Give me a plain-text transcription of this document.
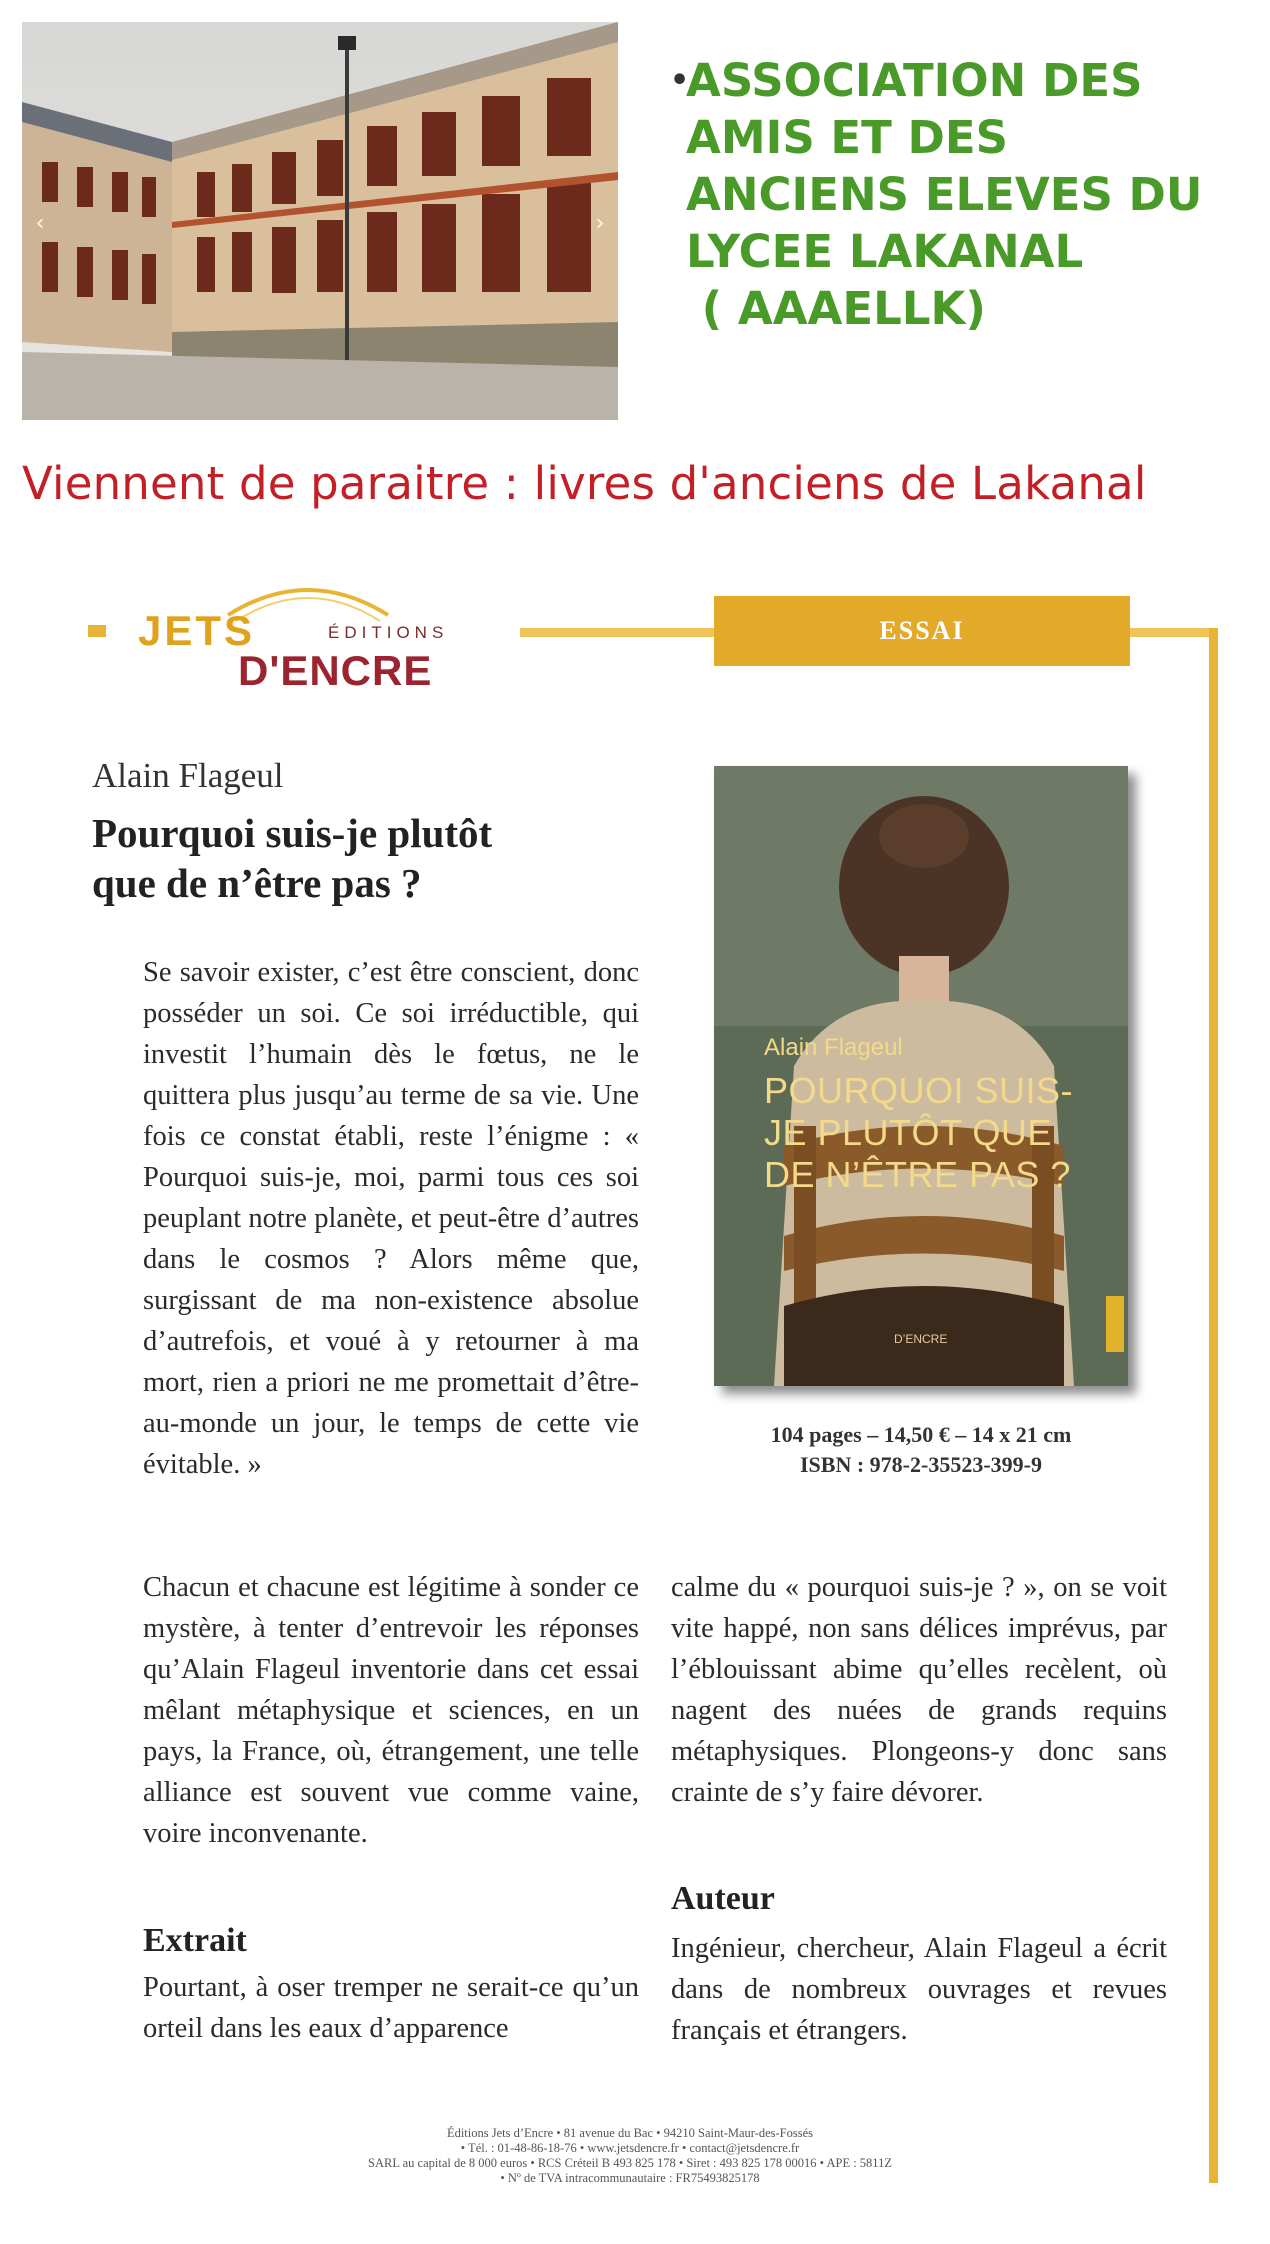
‹	›
•
ASSOCIATION DES
AMIS ET DES
ANCIENS ELEVES DU
LYCEE LAKANAL
( AAAELLK)
Viennent de paraitre : livres d'anciens de Lakanal
JETS	ÉDITIONS
D'ENCRE
ESSAI
Alain Flageul
Pourquoi suis-je plutôt
que de n’être pas ?
Se savoir exister, c’est être conscient, donc posséder un soi. Ce soi irréductible, qui investit l’humain dès le fœtus, ne le quittera plus jusqu’au terme de sa vie. Une fois ce constat établi, reste l’énigme : « Pourquoi suis-je, moi, parmi tous ces soi peuplant notre planète, et peut-être d’autres dans le cosmos ? Alors même que, surgissant de ma non-existence absolue d’autrefois, et voué à y retourner à ma mort, rien a priori ne me promettait d’être-au-monde un jour, le temps de cette vie évitable. »
Alain Flageul
POURQUOI SUIS-JE PLUTÔT QUE DE N’ÊTRE PAS ?
D’ENCRE
104 pages – 14,50 € – 14 x 21 cm
ISBN : 978-2-35523-399-9
Chacun et chacune est légitime à sonder ce mystère, à tenter d’entrevoir les réponses qu’Alain Flageul inventorie dans cet essai mêlant métaphysique et sciences, en un pays, la France, où, étrangement, une telle alliance est souvent vue comme vaine, voire inconvenante.
Extrait
Pourtant, à oser tremper ne serait-ce qu’un orteil dans les eaux d’apparence
calme du « pourquoi suis-je ? », on se voit vite happé, non sans délices imprévus, par l’éblouissant abime qu’elles recèlent, où nagent des nuées de grands requins métaphysiques. Plongeons-y donc sans crainte de s’y faire dévorer.
Auteur
Ingénieur, chercheur, Alain Flageul a écrit dans de nombreux ouvrages et revues français et étrangers.
Éditions Jets d’Encre • 81 avenue du Bac • 94210 Saint-Maur-des-Fossés
• Tél. : 01-48-86-18-76 • www.jetsdencre.fr • contact@jetsdencre.fr
SARL au capital de 8 000 euros • RCS Créteil B 493 825 178 • Siret : 493 825 178 00016 • APE : 5811Z
• Nº de TVA intracommunautaire : FR75493825178
